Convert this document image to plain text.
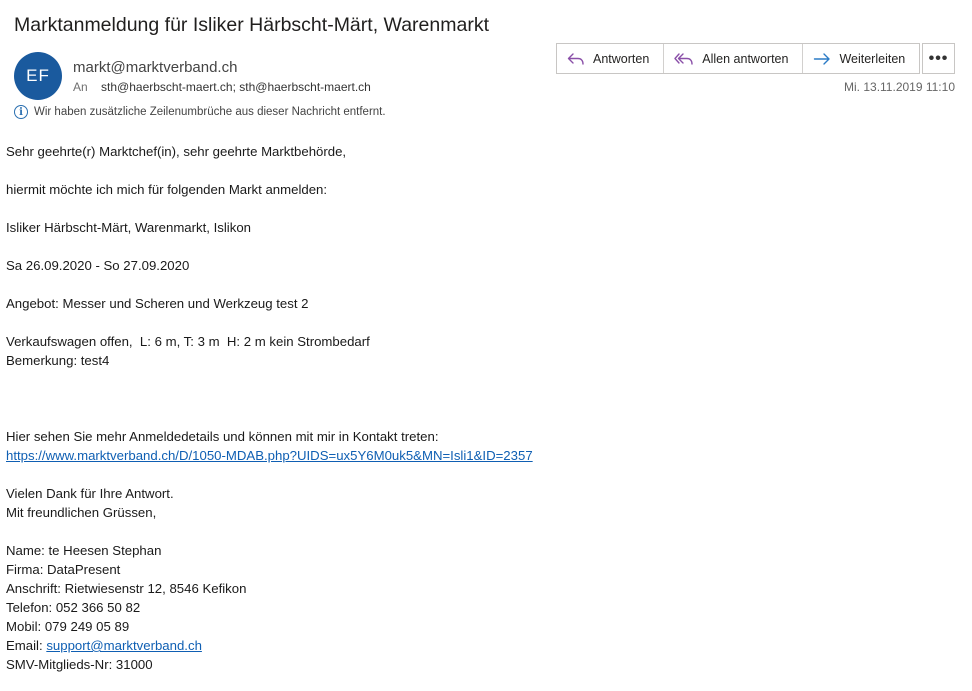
Marktanmeldung für Isliker Härbscht-Märt, Warenmarkt
EF	markt@marktverband.ch
An sth@haerbscht-maert.ch; sth@haerbscht-maert.ch
i Wir haben zusätzliche Zeilenumbrüche aus dieser Nachricht entfernt.
Antworten	Allen antworten	Weiterleiten	•••
Mi. 13.11.2019 11:10

Sehr geehrte(r) Marktchef(in), sehr geehrte Marktbehörde,

hiermit möchte ich mich für folgenden Markt anmelden:

Isliker Härbscht-Märt, Warenmarkt, Islikon

Sa 26.09.2020 - So 27.09.2020

Angebot: Messer und Scheren und Werkzeug test 2

Verkaufswagen offen,  L: 6 m, T: 3 m  H: 2 m kein Strombedarf

Bemerkung: test4

Hier sehen Sie mehr Anmeldedetails und können mit mir in Kontakt treten:

https://www.marktverband.ch/D/1050-MDAB.php?UIDS=ux5Y6M0uk5&MN=Isli1&ID=2357

Vielen Dank für Ihre Antwort.

Mit freundlichen Grüssen,

Name: te Heesen Stephan

Firma: DataPresent

Anschrift: Rietwiesenstr 12, 8546 Kefikon

Telefon: 052 366 50 82

Mobil: 079 249 05 89

Email: support@marktverband.ch

SMV-Mitglieds-Nr: 31000
